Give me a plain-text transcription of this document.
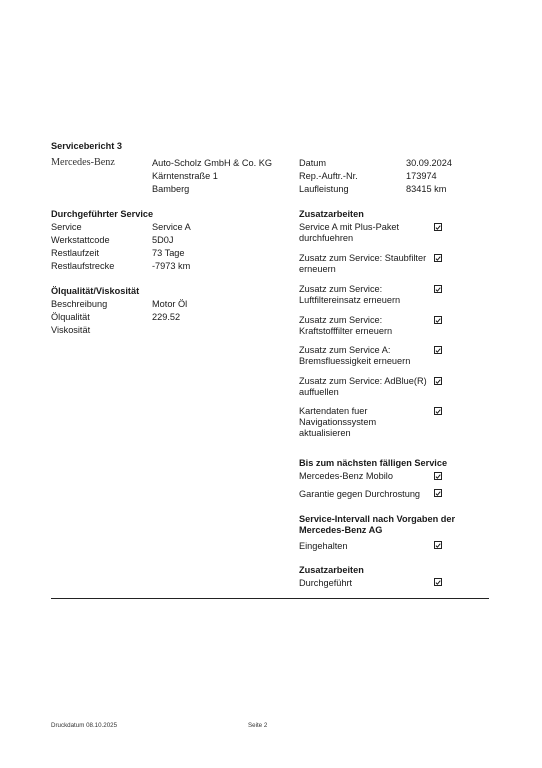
Servicebericht 3
Mercedes-Benz	Auto-Scholz GmbH & Co. KG
Kärntenstraße 1
Bamberg
Datum	30.09.2024
Rep.-Auftr.-Nr.	173974
Laufleistung	83415 km
Durchgeführter Service
Service	Service A
Werkstattcode	5D0J
Restlaufzeit	73 Tage
Restlaufstrecke	-7973 km
Ölqualität/Viskosität
Beschreibung	Motor Öl
Ölqualität	229.52
Viskosität
Zusatzarbeiten
Service A mit Plus-Paket durchfuehren
Zusatz zum Service: Staubfilter erneuern
Zusatz zum Service: Luftfiltereinsatz erneuern
Zusatz zum Service: Kraftstofffilter erneuern
Zusatz zum Service A: Bremsfluessigkeit erneuern
Zusatz zum Service: AdBlue(R) auffuellen
Kartendaten fuer Navigationssystem aktualisieren
Bis zum nächsten fälligen Service
Mercedes-Benz Mobilo
Garantie gegen Durchrostung
Service-Intervall nach Vorgaben der Mercedes-Benz AG
Eingehalten
Zusatzarbeiten
Durchgeführt
Druckdatum 08.10.2025	Seite 2
